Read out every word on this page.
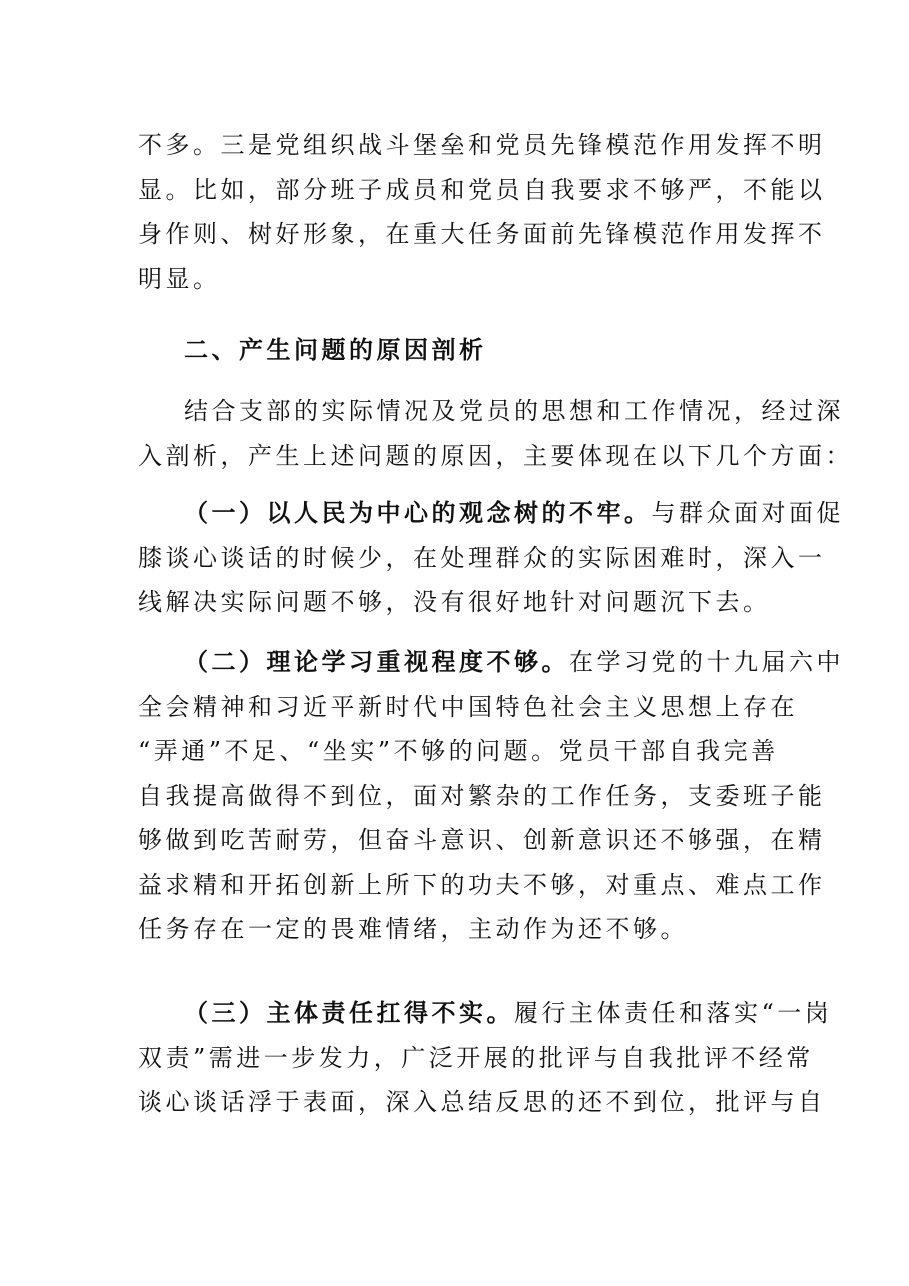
不多。三是党组织战斗堡垒和党员先锋模范作用发挥不明
显。比如，部分班子成员和党员自我要求不够严，不能以
身作则、树好形象，在重大任务面前先锋模范作用发挥不
明显。
二、产生问题的原因剖析
结合支部的实际情况及党员的思想和工作情况，经过深
入剖析，产生上述问题的原因，主要体现在以下几个方面：
（一）以人民为中心的观念树的不牢。与群众面对面促
膝谈心谈话的时候少，在处理群众的实际困难时，深入一
线解决实际问题不够，没有很好地针对问题沉下去。
（二）理论学习重视程度不够。在学习党的十九届六中
全会精神和习近平新时代中国特色社会主义思想上存在
“弄通”不足、“坐实”不够的问题。党员干部自我完善
自我提高做得不到位，面对繁杂的工作任务，支委班子能
够做到吃苦耐劳，但奋斗意识、创新意识还不够强，在精
益求精和开拓创新上所下的功夫不够，对重点、难点工作
任务存在一定的畏难情绪，主动作为还不够。
（三）主体责任扛得不实。履行主体责任和落实“一岗
双责”需进一步发力，广泛开展的批评与自我批评不经常
谈心谈话浮于表面，深入总结反思的还不到位，批评与自
